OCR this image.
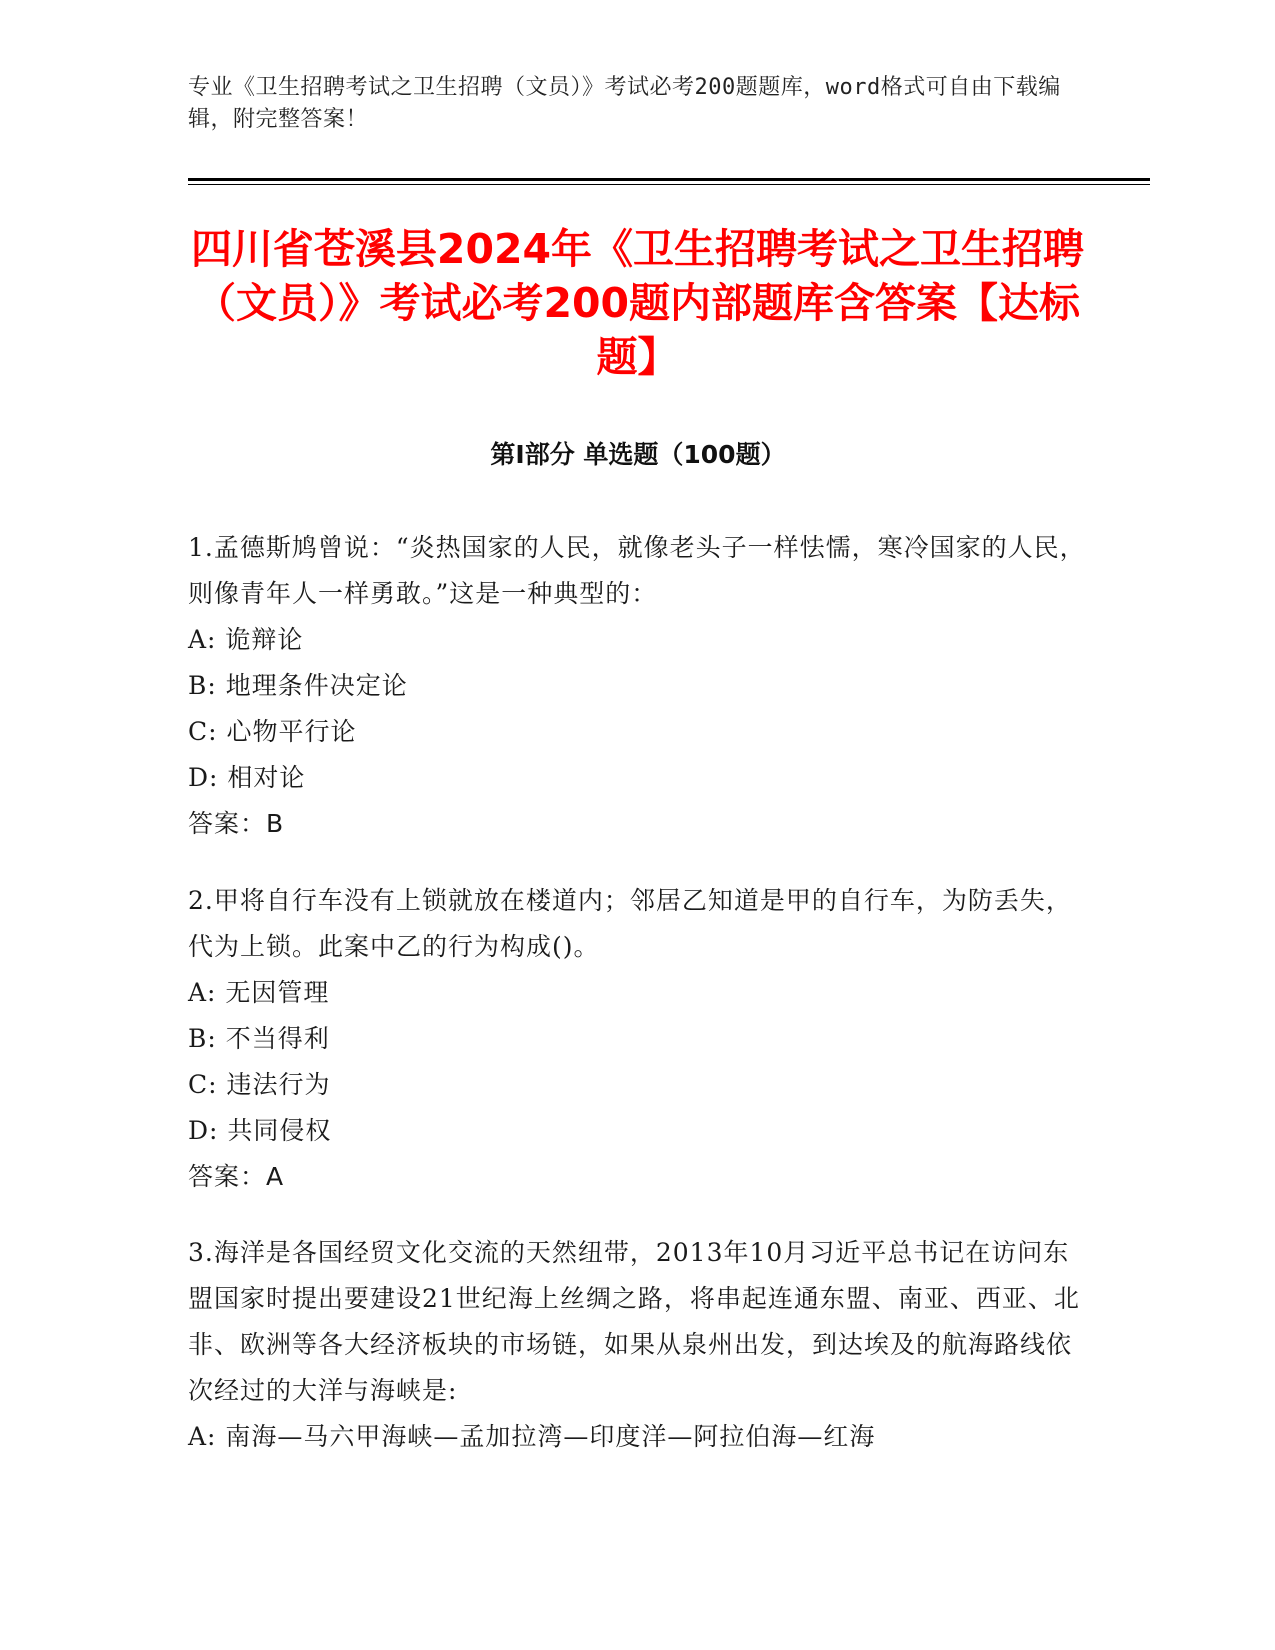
专业《卫生招聘考试之卫生招聘（文员）》考试必考200题题库，word格式可自由下载编辑，附完整答案！
四川省苍溪县2024年《卫生招聘考试之卫生招聘（文员）》考试必考200题内部题库含答案【达标题】
第Ⅰ部分 单选题（100题）

1.孟德斯鸠曾说：“炎热国家的人民，就像老头子一样怯懦，寒冷国家的人民，则像青年人一样勇敢。”这是一种典型的：

A: 诡辩论

B: 地理条件决定论

C: 心物平行论

D: 相对论

答案：B

2.甲将自行车没有上锁就放在楼道内；邻居乙知道是甲的自行车，为防丢失，代为上锁。此案中乙的行为构成()。

A: 无因管理

B: 不当得利

C: 违法行为

D: 共同侵权

答案：A

3.海洋是各国经贸文化交流的天然纽带，2013年10月习近平总书记在访问东盟国家时提出要建设21世纪海上丝绸之路，将串起连通东盟、南亚、西亚、北非、欧洲等各大经济板块的市场链，如果从泉州出发，到达埃及的航海路线依次经过的大洋与海峡是:

A: 南海—马六甲海峡—孟加拉湾—印度洋—阿拉伯海—红海
